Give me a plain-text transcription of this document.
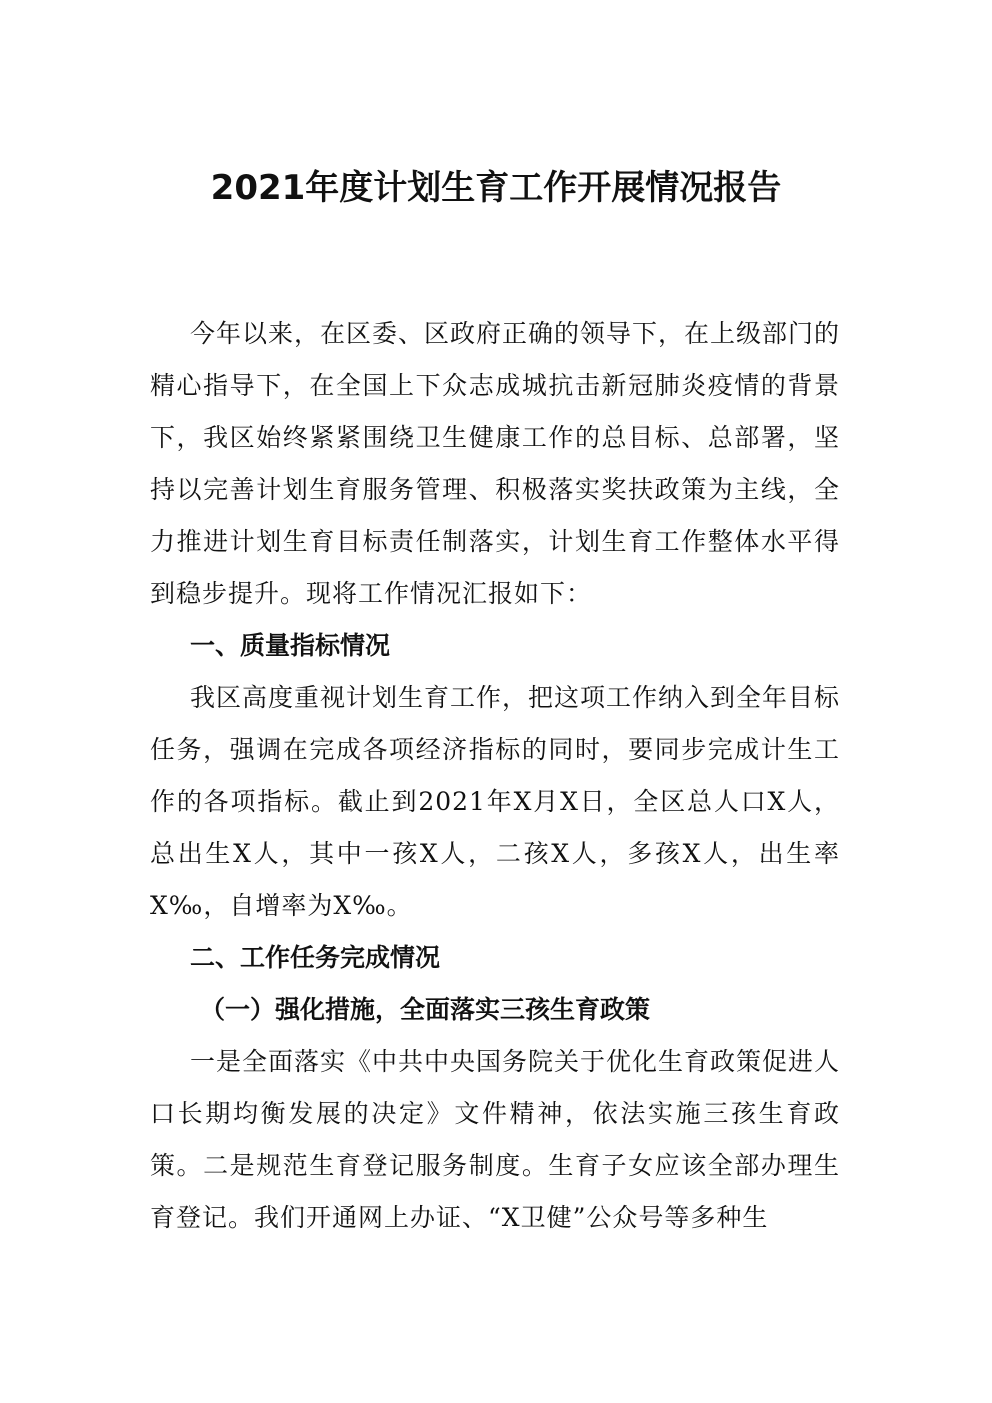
2021年度计划生育工作开展情况报告

今年以来，在区委、区政府正确的领导下，在上级部门的精心指导下，在全国上下众志成城抗击新冠肺炎疫情的背景下，我区始终紧紧围绕卫生健康工作的总目标、总部署，坚持以完善计划生育服务管理、积极落实奖扶政策为主线，全力推进计划生育目标责任制落实，计划生育工作整体水平得到稳步提升。现将工作情况汇报如下：

一、质量指标情况

我区高度重视计划生育工作，把这项工作纳入到全年目标任务，强调在完成各项经济指标的同时，要同步完成计生工作的各项指标。截止到2021年X月X日，全区总人口X人，总出生X人，其中一孩X人，二孩X人，多孩X人，出生率X‰，自增率为X‰。

二、工作任务完成情况
（一）强化措施，全面落实三孩生育政策

一是全面落实《中共中央国务院关于优化生育政策促进人口长期均衡发展的决定》文件精神，依法实施三孩生育政策。二是规范生育登记服务制度。生育子女应该全部办理生育登记。我们开通网上办证、“X卫健”公众号等多种生
